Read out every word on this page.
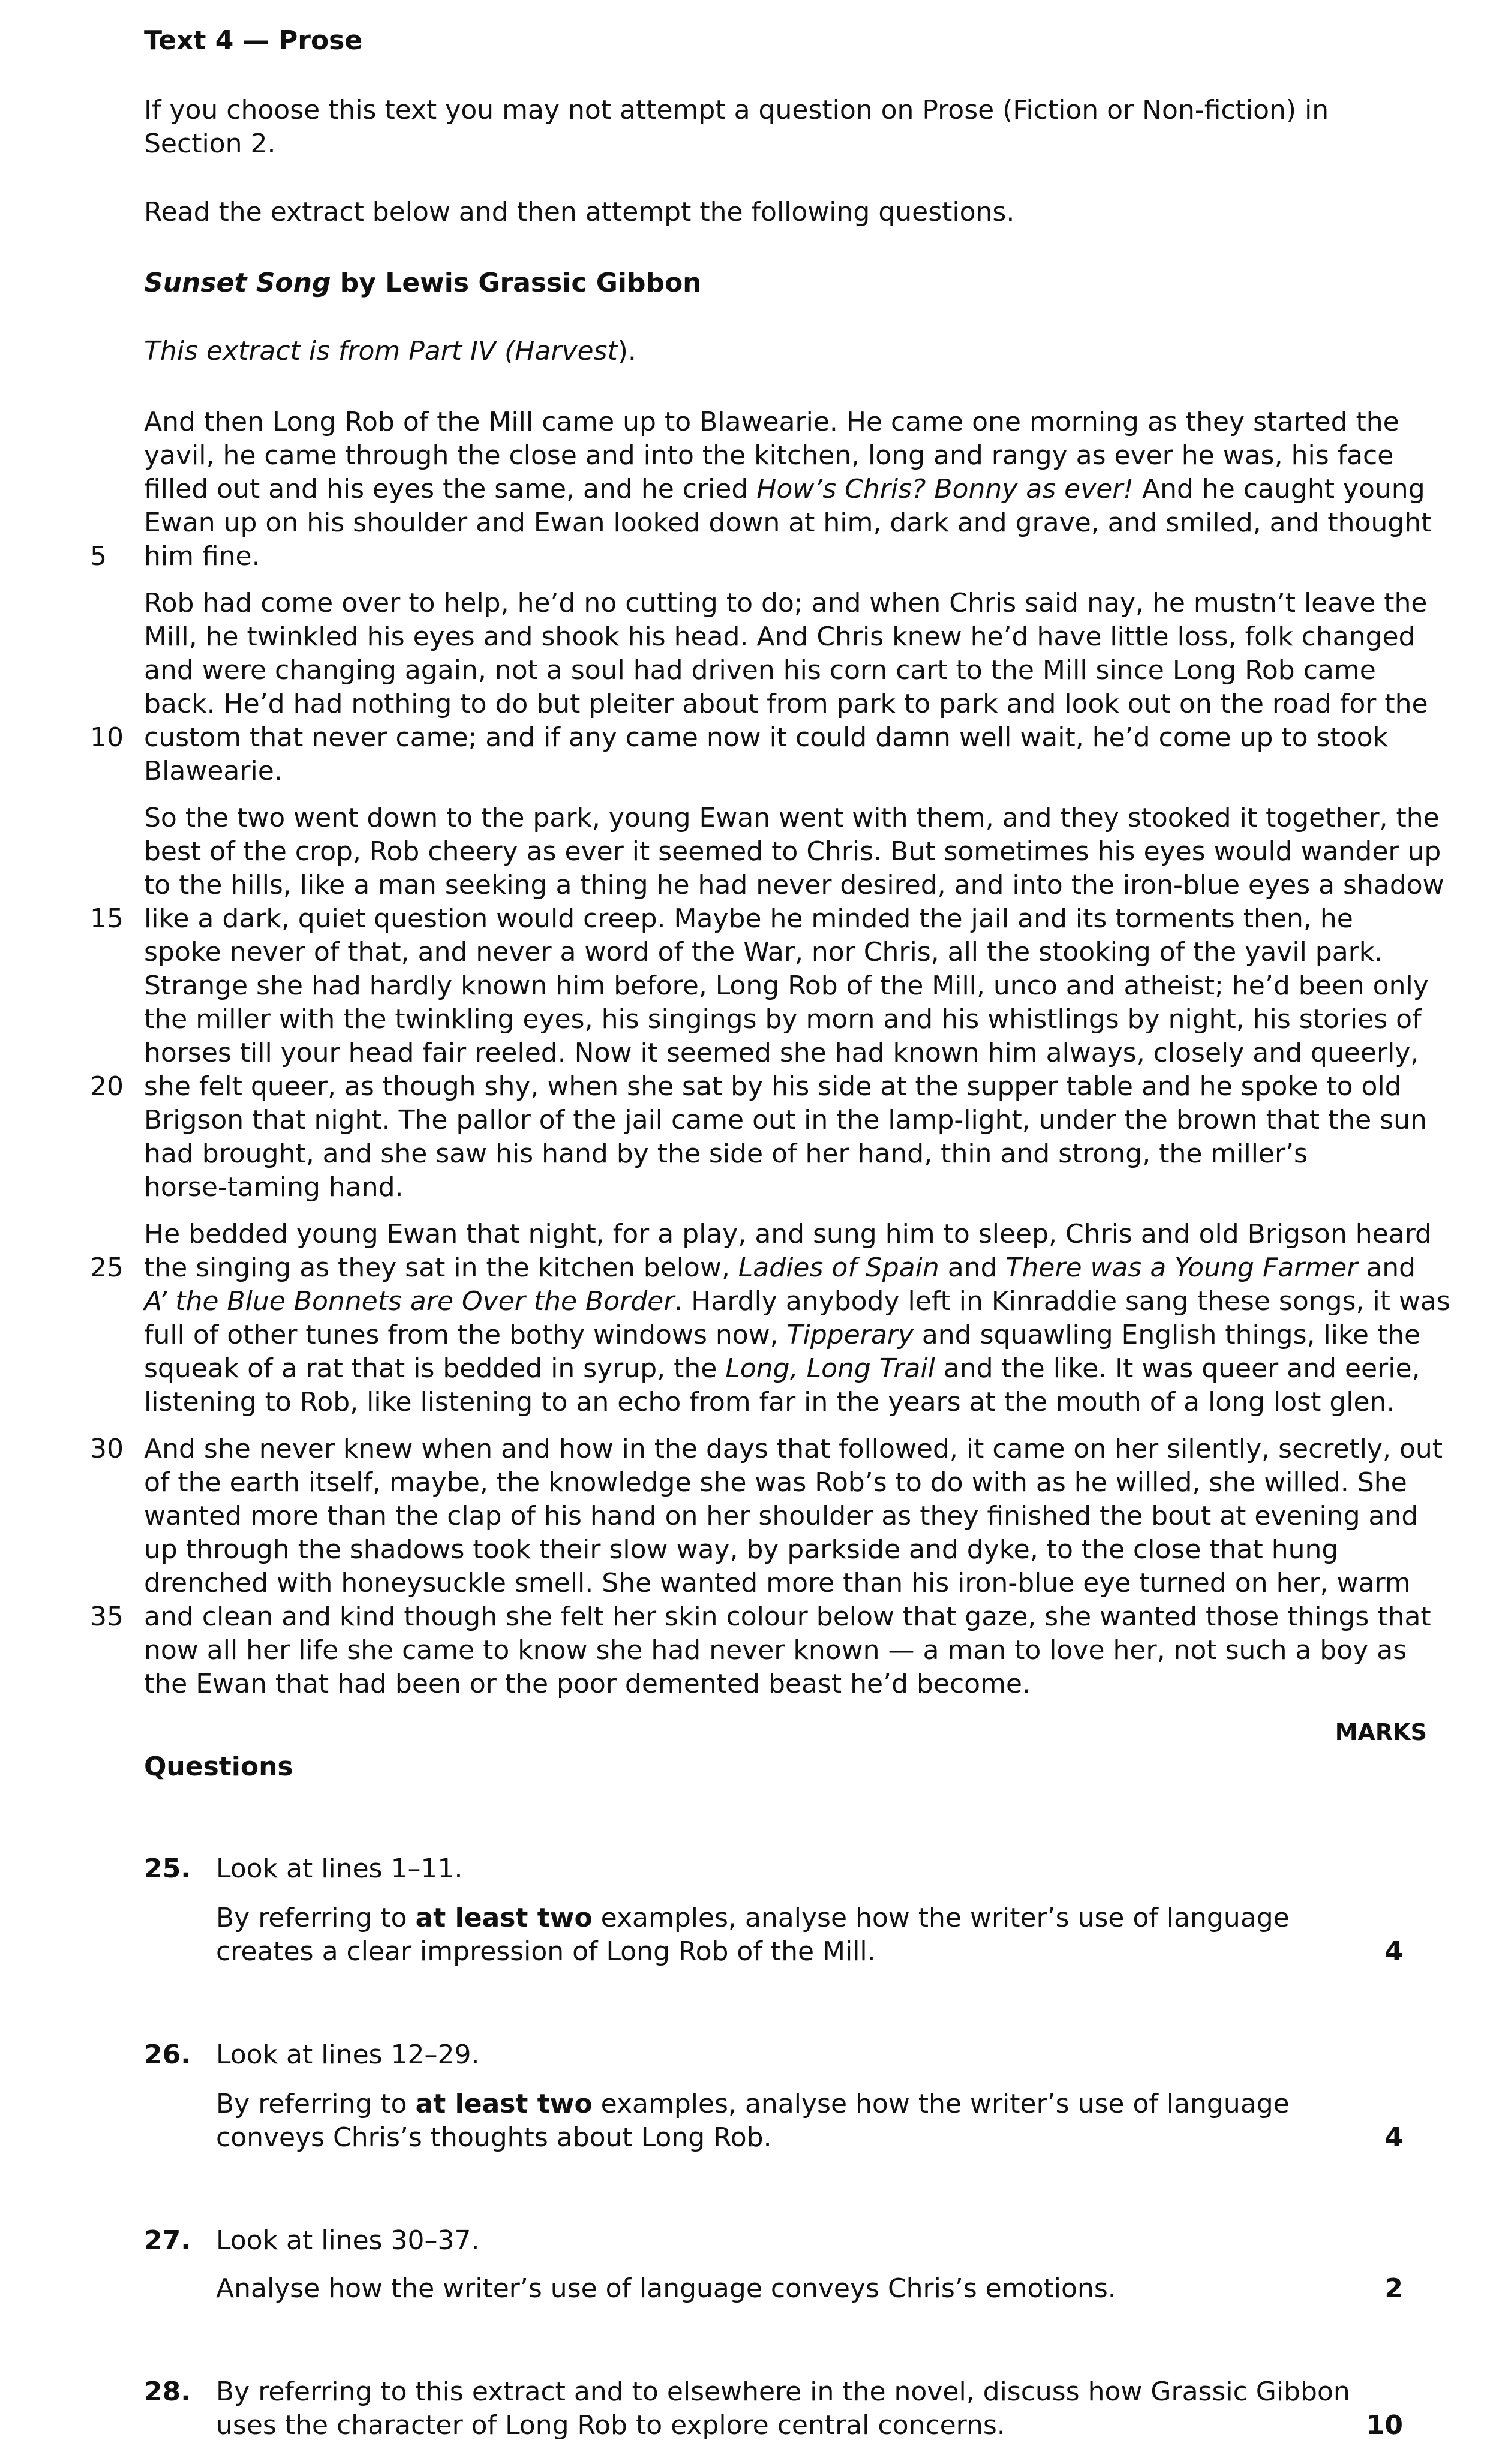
Text 4 — Prose
If you choose this text you may not attempt a question on Prose (Fiction or Non-fiction) in
Section 2.
Read the extract below and then attempt the following questions.
Sunset Song by Lewis Grassic Gibbon
This extract is from Part IV (Harvest).
And then Long Rob of the Mill came up to Blawearie. He came one morning as they started the
yavil, he came through the close and into the kitchen, long and rangy as ever he was, his face
filled out and his eyes the same, and he cried How’s Chris? Bonny as ever! And he caught young
Ewan up on his shoulder and Ewan looked down at him, dark and grave, and smiled, and thought
him fine.
Rob had come over to help, he’d no cutting to do; and when Chris said nay, he mustn’t leave the
Mill, he twinkled his eyes and shook his head. And Chris knew he’d have little loss, folk changed
and were changing again, not a soul had driven his corn cart to the Mill since Long Rob came
back. He’d had nothing to do but pleiter about from park to park and look out on the road for the
custom that never came; and if any came now it could damn well wait, he’d come up to stook
Blawearie.
So the two went down to the park, young Ewan went with them, and they stooked it together, the
best of the crop, Rob cheery as ever it seemed to Chris. But sometimes his eyes would wander up
to the hills, like a man seeking a thing he had never desired, and into the iron-blue eyes a shadow
like a dark, quiet question would creep. Maybe he minded the jail and its torments then, he
spoke never of that, and never a word of the War, nor Chris, all the stooking of the yavil park.
Strange she had hardly known him before, Long Rob of the Mill, unco and atheist; he’d been only
the miller with the twinkling eyes, his singings by morn and his whistlings by night, his stories of
horses till your head fair reeled. Now it seemed she had known him always, closely and queerly,
she felt queer, as though shy, when she sat by his side at the supper table and he spoke to old
Brigson that night. The pallor of the jail came out in the lamp-light, under the brown that the sun
had brought, and she saw his hand by the side of her hand, thin and strong, the miller’s
horse-taming hand.
He bedded young Ewan that night, for a play, and sung him to sleep, Chris and old Brigson heard
the singing as they sat in the kitchen below, Ladies of Spain and There was a Young Farmer and
A’ the Blue Bonnets are Over the Border. Hardly anybody left in Kinraddie sang these songs, it was
full of other tunes from the bothy windows now, Tipperary and squawling English things, like the
squeak of a rat that is bedded in syrup, the Long, Long Trail and the like. It was queer and eerie,
listening to Rob, like listening to an echo from far in the years at the mouth of a long lost glen.
And she never knew when and how in the days that followed, it came on her silently, secretly, out
of the earth itself, maybe, the knowledge she was Rob’s to do with as he willed, she willed. She
wanted more than the clap of his hand on her shoulder as they finished the bout at evening and
up through the shadows took their slow way, by parkside and dyke, to the close that hung
drenched with honeysuckle smell. She wanted more than his iron-blue eye turned on her, warm
and clean and kind though she felt her skin colour below that gaze, she wanted those things that
now all her life she came to know she had never known — a man to love her, not such a boy as
the Ewan that had been or the poor demented beast he’d become.
5
10
15
20
25
30
35
MARKS
Questions
25. Look at lines 1–11.
By referring to at least two examples, analyse how the writer’s use of language
creates a clear impression of Long Rob of the Mill.	4
26. Look at lines 12–29.
By referring to at least two examples, analyse how the writer’s use of language
conveys Chris’s thoughts about Long Rob.	4
27. Look at lines 30–37.
Analyse how the writer’s use of language conveys Chris’s emotions.	2
28. By referring to this extract and to elsewhere in the novel, discuss how Grassic Gibbon
uses the character of Long Rob to explore central concerns.	10
